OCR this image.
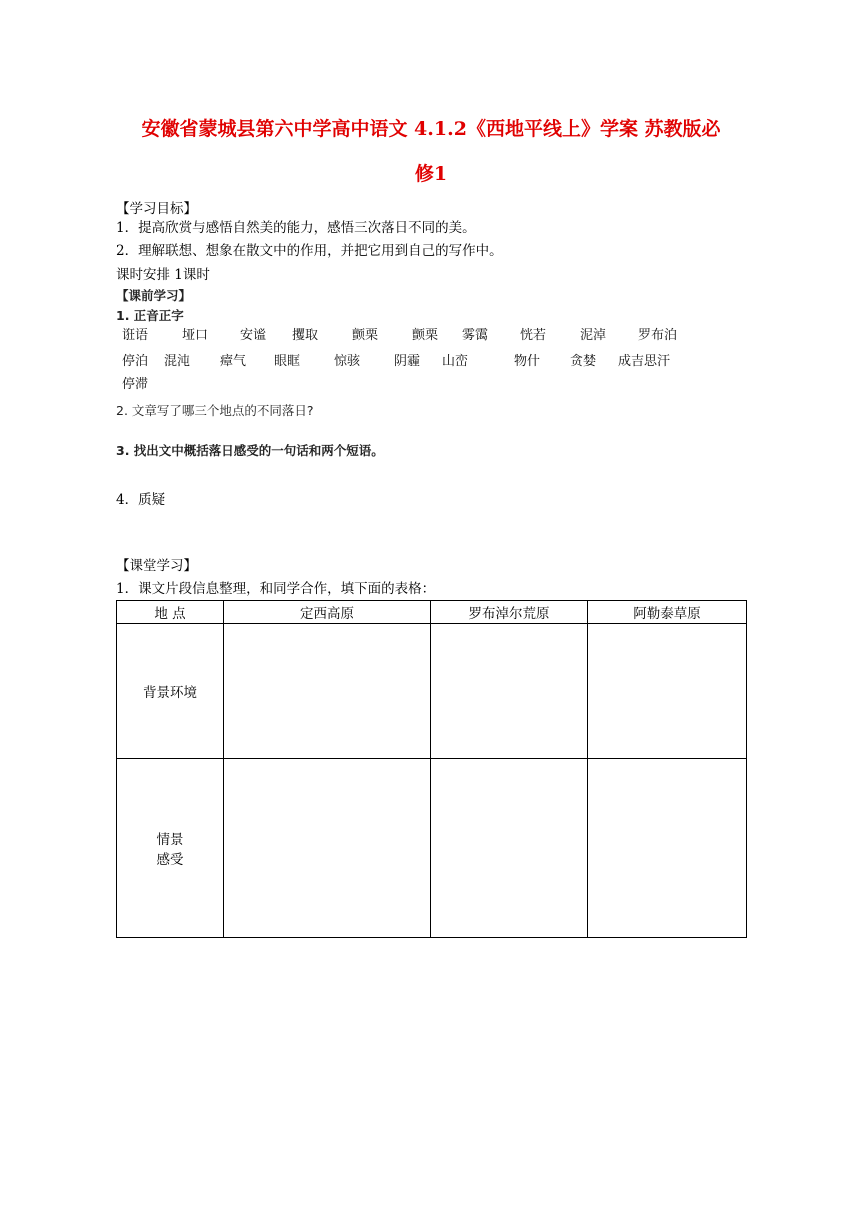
安徽省蒙城县第六中学高中语文 4.1.2《西地平线上》学案 苏教版必
修1
【学习目标】
1．提高欣赏与感悟自然美的能力，感悟三次落日不同的美。
2．理解联想、想象在散文中的作用，并把它用到自己的写作中。
课时安排 1课时
【课前学习】
1. 正音正字
诳语	垭口 安谧 攫取	颤栗	颤栗 雾霭 恍若	泥淖 罗布泊
停泊 混沌 瘴气 眼眶	惊骇	阴霾 山峦	物什 贪婪 成吉思汗
停滞
2. 文章写了哪三个地点的不同落日?
3. 找出文中概括落日感受的一句话和两个短语。
4．质疑
【课堂学习】
1．课文片段信息整理，和同学合作，填下面的表格：
地 点	定西高原	罗布淖尔荒原	阿勒泰草原
背景环境			

情景
感受			
